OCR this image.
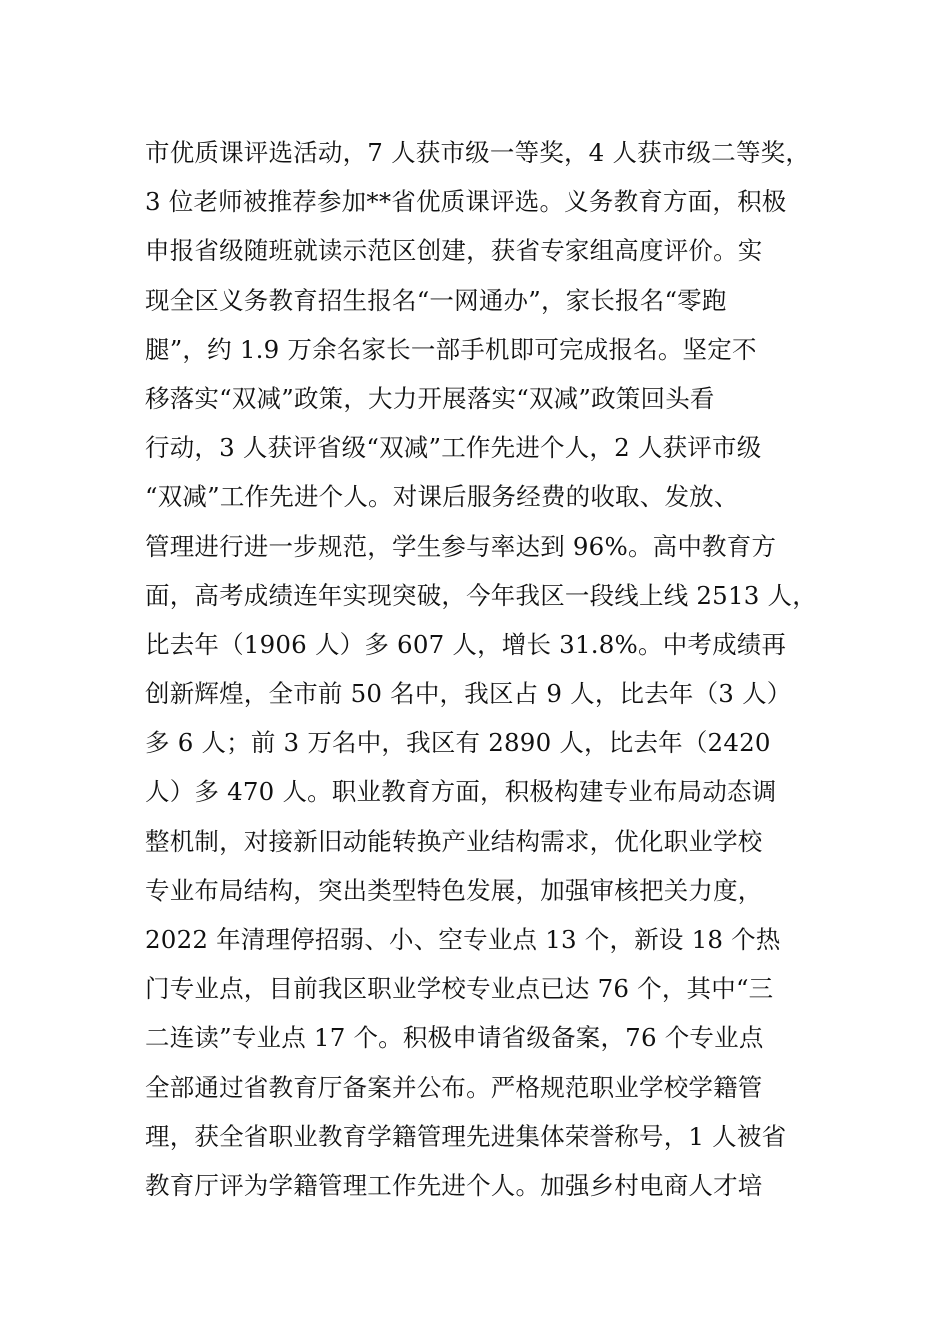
市优质课评选活动，7 人获市级一等奖，4 人获市级二等奖，
3 位老师被推荐参加**省优质课评选。义务教育方面，积极
申报省级随班就读示范区创建，获省专家组高度评价。实
现全区义务教育招生报名“一网通办”，家长报名“零跑
腿”，约 1.9 万余名家长一部手机即可完成报名。坚定不
移落实“双减”政策，大力开展落实“双减”政策回头看
行动，3 人获评省级“双减”工作先进个人，2 人获评市级
“双减”工作先进个人。对课后服务经费的收取、发放、
管理进行进一步规范，学生参与率达到 96%。高中教育方
面，高考成绩连年实现突破，今年我区一段线上线 2513 人，
比去年（1906 人）多 607 人，增长 31.8%。中考成绩再
创新辉煌，全市前 50 名中，我区占 9 人，比去年（3 人）
多 6 人；前 3 万名中，我区有 2890 人，比去年（2420
人）多 470 人。职业教育方面，积极构建专业布局动态调
整机制，对接新旧动能转换产业结构需求，优化职业学校
专业布局结构，突出类型特色发展，加强审核把关力度，
2022 年清理停招弱、小、空专业点 13 个，新设 18 个热
门专业点，目前我区职业学校专业点已达 76 个，其中“三
二连读”专业点 17 个。积极申请省级备案，76 个专业点
全部通过省教育厅备案并公布。严格规范职业学校学籍管
理，获全省职业教育学籍管理先进集体荣誉称号，1 人被省
教育厅评为学籍管理工作先进个人。加强乡村电商人才培
